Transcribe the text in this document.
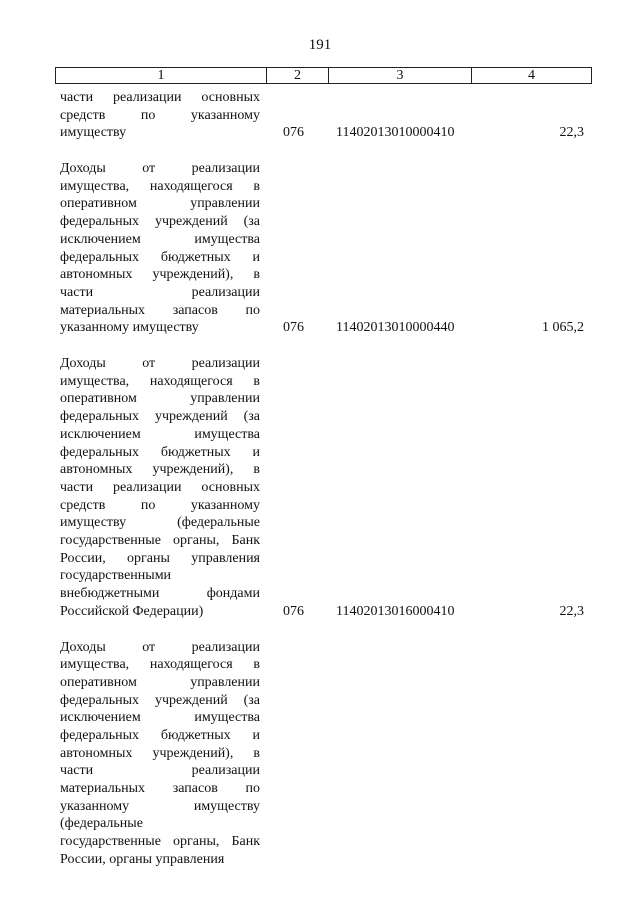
191
1	2	3	4
части реализации основных
средств по указанному
имуществу	076	11402013010000410	22,3
Доходы от реализации
имущества, находящегося в
оперативном управлении
федеральных учреждений (за
исключением имущества
федеральных бюджетных и
автономных учреждений), в
части реализации
материальных запасов по
указанному имуществу	076	11402013010000440	1 065,2
Доходы от реализации
имущества, находящегося в
оперативном управлении
федеральных учреждений (за
исключением имущества
федеральных бюджетных и
автономных учреждений), в
части реализации основных
средств по указанному
имуществу (федеральные
государственные органы, Банк
России, органы управления
государственными
внебюджетными фондами
Российской Федерации)	076	11402013016000410	22,3
Доходы от реализации
имущества, находящегося в
оперативном управлении
федеральных учреждений (за
исключением имущества
федеральных бюджетных и
автономных учреждений), в
части реализации
материальных запасов по
указанному имуществу
(федеральные
государственные органы, Банк
России, органы управления
